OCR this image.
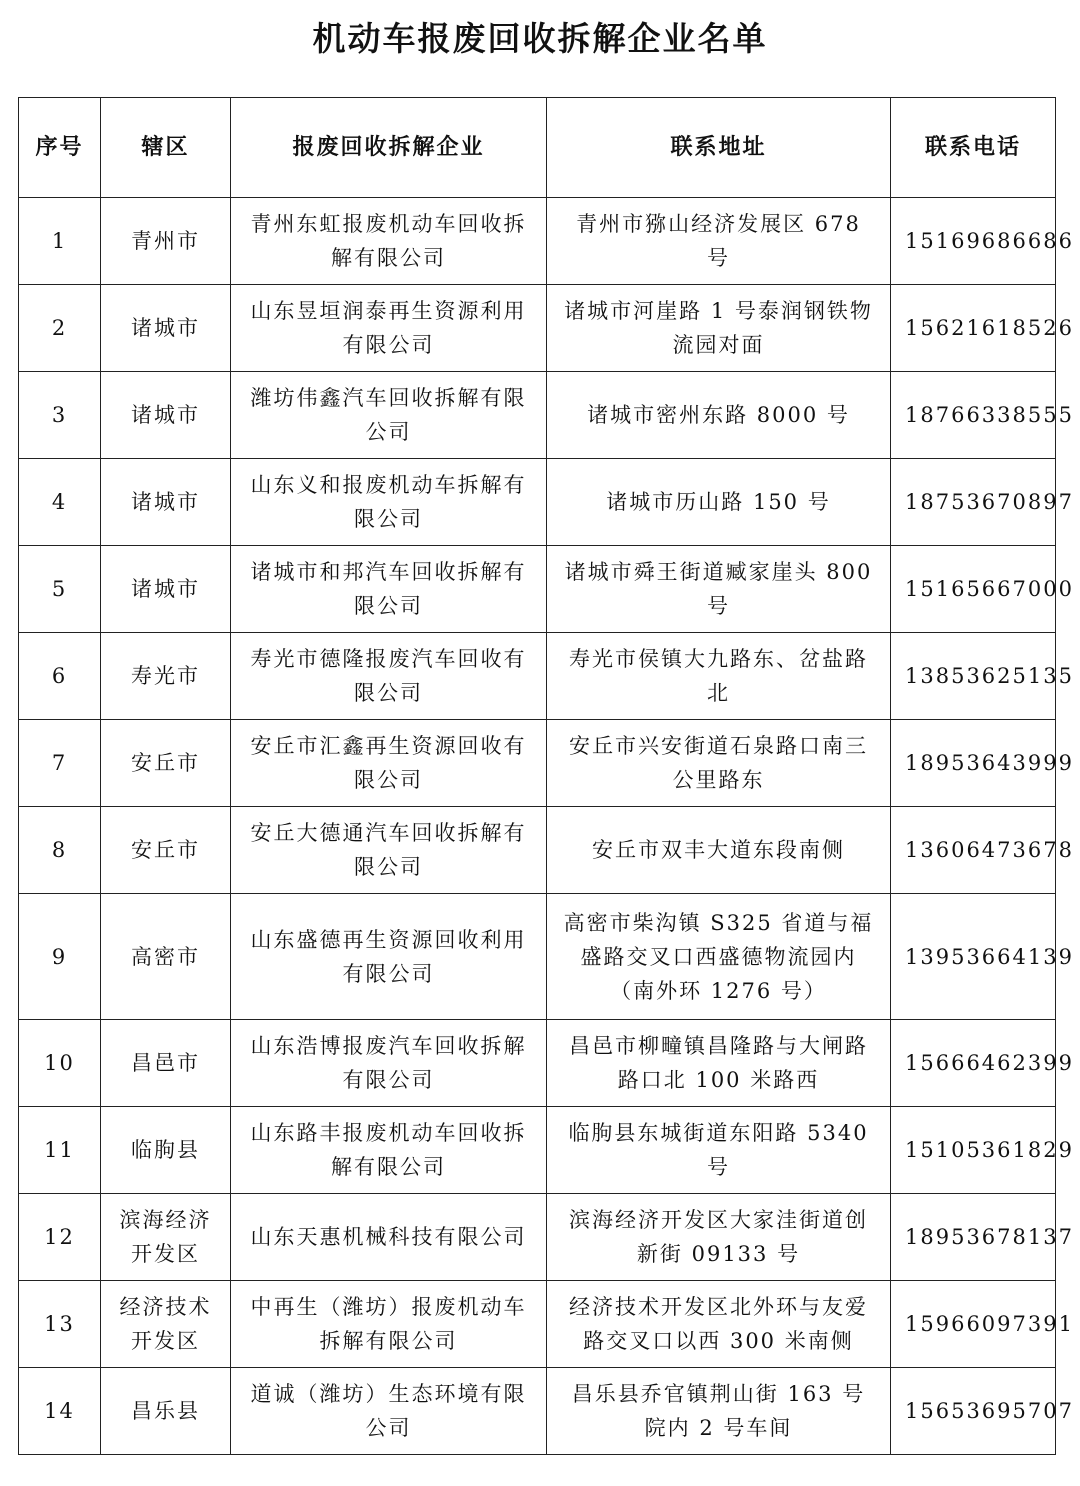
机动车报废回收拆解企业名单
序号	辖区	报废回收拆解企业	联系地址	联系电话
1	青州市	青州东虹报废机动车回收拆解有限公司	青州市猕山经济发展区 678 号	15169686686
2	诸城市	山东昱垣润泰再生资源利用有限公司	诸城市河崖路 1 号泰润钢铁物流园对面	15621618526
3	诸城市	潍坊伟鑫汽车回收拆解有限公司	诸城市密州东路 8000 号	18766338555
4	诸城市	山东义和报废机动车拆解有限公司	诸城市历山路 150 号	18753670897
5	诸城市	诸城市和邦汽车回收拆解有限公司	诸城市舜王街道臧家崖头 800 号	15165667000
6	寿光市	寿光市德隆报废汽车回收有限公司	寿光市侯镇大九路东、岔盐路北	13853625135
7	安丘市	安丘市汇鑫再生资源回收有限公司	安丘市兴安街道石泉路口南三公里路东	18953643999
8	安丘市	安丘大德通汽车回收拆解有限公司	安丘市双丰大道东段南侧	13606473678
9	高密市	山东盛德再生资源回收利用有限公司	高密市柴沟镇 S325 省道与福盛路交叉口西盛德物流园内（南外环 1276 号）	13953664139
10	昌邑市	山东浩博报废汽车回收拆解有限公司	昌邑市柳疃镇昌隆路与大闸路路口北 100 米路西	15666462399
11	临朐县	山东路丰报废机动车回收拆解有限公司	临朐县东城街道东阳路 5340 号	15105361829
12	滨海经济开发区	山东天惠机械科技有限公司	滨海经济开发区大家洼街道创新街 09133 号	18953678137
13	经济技术开发区	中再生（潍坊）报废机动车拆解有限公司	经济技术开发区北外环与友爱路交叉口以西 300 米南侧	15966097391
14	昌乐县	道诚（潍坊）生态环境有限公司	昌乐县乔官镇荆山街 163 号院内 2 号车间	15653695707
